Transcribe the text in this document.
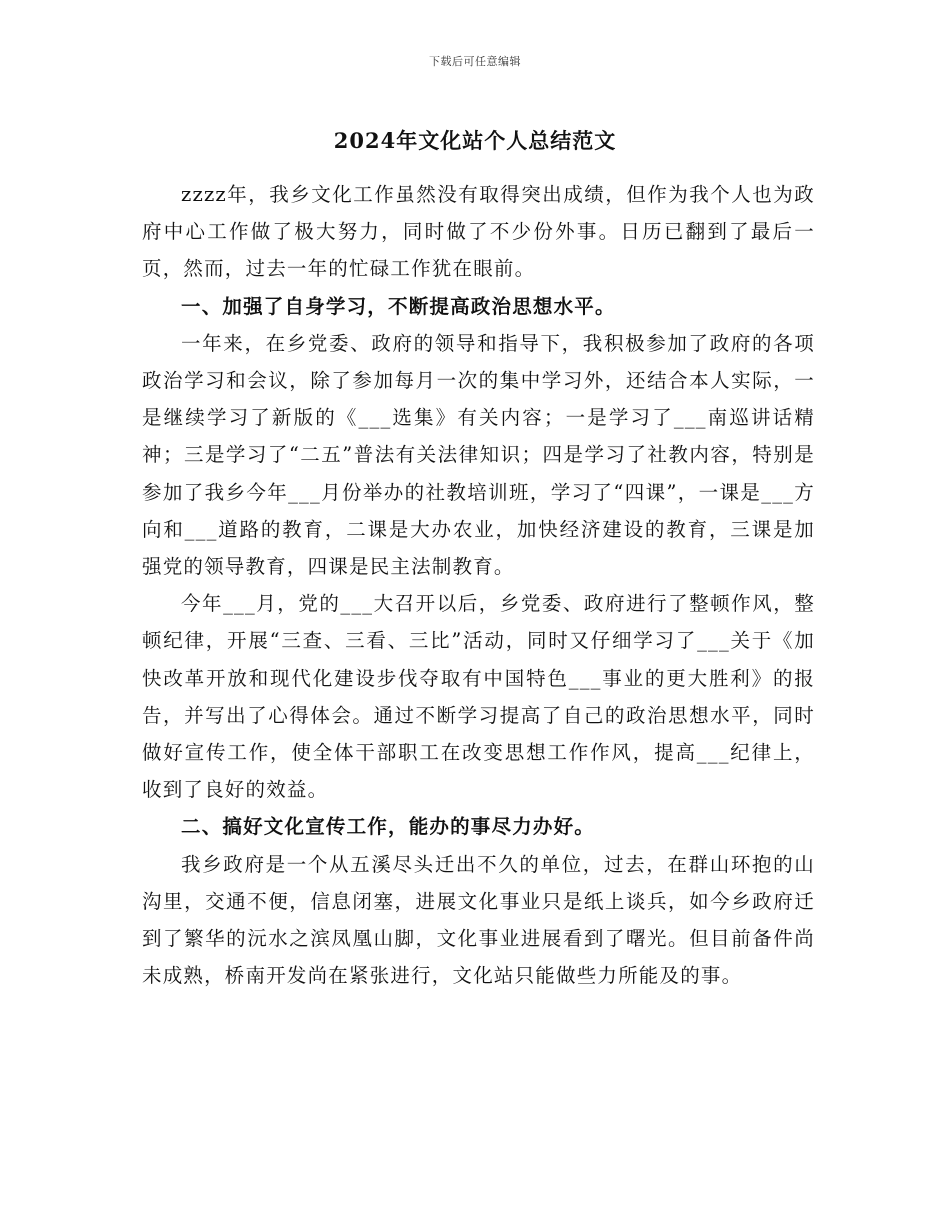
下载后可任意编辑
2024年文化站个人总结范文

zzzz年，我乡文化工作虽然没有取得突出成绩，但作为我个人也为政府中心工作做了极大努力，同时做了不少份外事。日历已翻到了最后一页，然而，过去一年的忙碌工作犹在眼前。

一、加强了自身学习，不断提高政治思想水平。

一年来，在乡党委、政府的领导和指导下，我积极参加了政府的各项政治学习和会议，除了参加每月一次的集中学习外，还结合本人实际，一是继续学习了新版的《___选集》有关内容；一是学习了___南巡讲话精神；三是学习了“二五”普法有关法律知识；四是学习了社教内容，特别是参加了我乡今年___月份举办的社教培训班，学习了“四课”，一课是___方向和___道路的教育，二课是大办农业，加快经济建设的教育，三课是加强党的领导教育，四课是民主法制教育。

今年___月，党的___大召开以后，乡党委、政府进行了整顿作风，整顿纪律，开展“三查、三看、三比”活动，同时又仔细学习了___关于《加快改革开放和现代化建设步伐夺取有中国特色___事业的更大胜利》的报告，并写出了心得体会。通过不断学习提高了自己的政治思想水平，同时做好宣传工作，使全体干部职工在改变思想工作作风，提高___纪律上，收到了良好的效益。

二、搞好文化宣传工作，能办的事尽力办好。

我乡政府是一个从五溪尽头迁出不久的单位，过去，在群山环抱的山沟里，交通不便，信息闭塞，进展文化事业只是纸上谈兵，如今乡政府迁到了繁华的沅水之滨凤凰山脚，文化事业进展看到了曙光。但目前备件尚未成熟，桥南开发尚在紧张进行，文化站只能做些力所能及的事。
